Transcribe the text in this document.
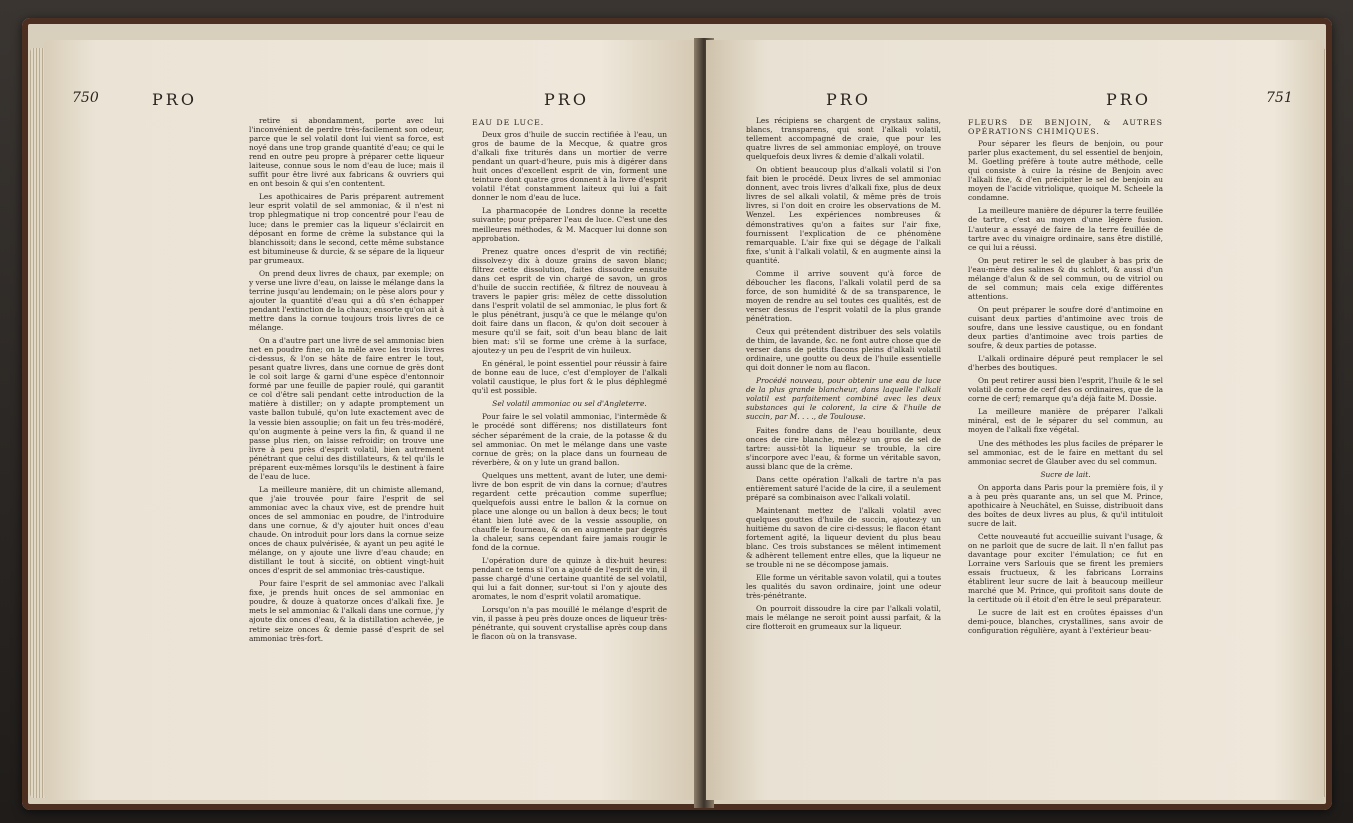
750	PRO	PRO

retire si abondamment, porte avec lui l'inconvénient de perdre très-facilement son odeur, parce que le sel volatil dont lui vient sa force, est noyé dans une trop grande quantité d'eau; ce qui le rend en outre peu propre à préparer cette liqueur laiteuse, connue sous le nom d'eau de luce; mais il suffit pour être livré aux fabricans & ouvriers qui en ont besoin & qui s'en contentent.

Les apothicaires de Paris préparent autrement leur esprit volatil de sel ammoniac, & il n'est ni trop phlegmatique ni trop concentré pour l'eau de luce; dans le premier cas la liqueur s'éclaircit en déposant en forme de crème la substance qui la blanchissoit; dans le second, cette même substance est bitumineuse & durcie, & se sépare de la liqueur par grumeaux.

On prend deux livres de chaux, par exemple; on y verse une livre d'eau, on laisse le mélange dans la terrine jusqu'au lendemain; on le pèse alors pour y ajouter la quantité d'eau qui a dû s'en échapper pendant l'extinction de la chaux; ensorte qu'on ait à mettre dans la cornue toujours trois livres de ce mélange.

On a d'autre part une livre de sel ammoniac bien net en poudre fine; on la mêle avec les trois livres ci-dessus, & l'on se hâte de faire entrer le tout, pesant quatre livres, dans une cornue de grès dont le col soit large & garni d'une espèce d'entonnoir formé par une feuille de papier roulé, qui garantit ce col d'être sali pendant cette introduction de la matière à distiller; on y adapte promptement un vaste ballon tubulé, qu'on lute exactement avec de la vessie bien assouplie; on fait un feu très-modéré, qu'on augmente à peine vers la fin, & quand il ne passe plus rien, on laisse refroidir; on trouve une livre à peu près d'esprit volatil, bien autrement pénétrant que celui des distillateurs, & tel qu'ils le préparent eux-mêmes lorsqu'ils le destinent à faire de l'eau de luce.

La meilleure manière, dit un chimiste allemand, que j'aie trouvée pour faire l'esprit de sel ammoniac avec la chaux vive, est de prendre huit onces de sel ammoniac en poudre, de l'introduire dans une cornue, & d'y ajouter huit onces d'eau chaude. On introduit pour lors dans la cornue seize onces de chaux pulvérisée, & ayant un peu agité le mélange, on y ajoute une livre d'eau chaude; en distillant le tout à siccité, on obtient vingt-huit onces d'esprit de sel ammoniac très-caustique.

Pour faire l'esprit de sel ammoniac avec l'alkali fixe, je prends huit onces de sel ammoniac en poudre, & douze à quatorze onces d'alkali fixe. Je mets le sel ammoniac & l'alkali dans une cornue, j'y ajoute dix onces d'eau, & la distillation achevée, je retire seize onces & demie passé d'esprit de sel ammoniac très-fort.

EAU DE LUCE.

Deux gros d'huile de succin rectifiée à l'eau, un gros de baume de la Mecque, & quatre gros d'alkali fixe triturés dans un mortier de verre pendant un quart-d'heure, puis mis à digérer dans huit onces d'excellent esprit de vin, forment une teinture dont quatre gros donnent à la livre d'esprit volatil l'état constamment laiteux qui lui a fait donner le nom d'eau de luce.

La pharmacopée de Londres donne la recette suivante; pour préparer l'eau de luce. C'est une des meilleures méthodes, & M. Macquer lui donne son approbation.

Prenez quatre onces d'esprit de vin rectifié; dissolvez-y dix à douze grains de savon blanc; filtrez cette dissolution, faites dissoudre ensuite dans cet esprit de vin chargé de savon, un gros d'huile de succin rectifiée, & filtrez de nouveau à travers le papier gris: mêlez de cette dissolution dans l'esprit volatil de sel ammoniac, le plus fort & le plus pénétrant, jusqu'à ce que le mélange qu'on doit faire dans un flacon, & qu'on doit secouer à mesure qu'il se fait, soit d'un beau blanc de lait bien mat: s'il se forme une crème à la surface, ajoutez-y un peu de l'esprit de vin huileux.

En général, le point essentiel pour réussir à faire de bonne eau de luce, c'est d'employer de l'alkali volatil caustique, le plus fort & le plus déphlegmé qu'il est possible.

Sel volatil ammoniac ou sel d'Angleterre.

Pour faire le sel volatil ammoniac, l'intermède & le procédé sont différens; nos distillateurs font sécher séparément de la craie, de la potasse & du sel ammoniac. On met le mélange dans une vaste cornue de grès; on la place dans un fourneau de réverbère, & on y lute un grand ballon.

Quelques uns mettent, avant de luter, une demi-livre de bon esprit de vin dans la cornue; d'autres regardent cette précaution comme superflue; quelquefois aussi entre le ballon & la cornue on place une alonge ou un ballon à deux becs; le tout étant bien luté avec de la vessie assouplie, on chauffe le fourneau, & on en augmente par degrés la chaleur, sans cependant faire jamais rougir le fond de la cornue.

L'opération dure de quinze à dix-huit heures: pendant ce tems si l'on a ajouté de l'esprit de vin, il passe chargé d'une certaine quantité de sel volatil, qui lui a fait donner, sur-tout si l'on y ajoute des aromates, le nom d'esprit volatil aromatique.

Lorsqu'on n'a pas mouillé le mélange d'esprit de vin, il passe à peu près douze onces de liqueur très-pénétrante, qui souvent crystallise après coup dans le flacon où on la transvase.

PRO	PRO	751

Les récipiens se chargent de crystaux salins, blancs, transparens, qui sont l'alkali volatil, tellement accompagné de craie, que pour les quatre livres de sel ammoniac employé, on trouve quelquefois deux livres & demie d'alkali volatil.

On obtient beaucoup plus d'alkali volatil si l'on fait bien le procédé. Deux livres de sel ammoniac donnent, avec trois livres d'alkali fixe, plus de deux livres de sel alkali volatil, & même près de trois livres, si l'on doit en croire les observations de M. Wenzel. Les expériences nombreuses & démonstratives qu'on a faites sur l'air fixe, fournissent l'explication de ce phénomène remarquable. L'air fixe qui se dégage de l'alkali fixe, s'unit à l'alkali volatil, & en augmente ainsi la quantité.

Comme il arrive souvent qu'à force de déboucher les flacons, l'alkali volatil perd de sa force, de son humidité & de sa transparence, le moyen de rendre au sel toutes ces qualités, est de verser dessus de l'esprit volatil de la plus grande pénétration.

Ceux qui prétendent distribuer des sels volatils de thim, de lavande, &c. ne font autre chose que de verser dans de petits flacons pleins d'alkali volatil ordinaire, une goutte ou deux de l'huile essentielle qui doit donner le nom au flacon.

Procédé nouveau, pour obtenir une eau de luce de la plus grande blancheur, dans laquelle l'alkali volatil est parfaitement combiné avec les deux substances qui le colorent, la cire & l'huile de succin, par M. . . ., de Toulouse.

Faites fondre dans de l'eau bouillante, deux onces de cire blanche, mêlez-y un gros de sel de tartre: aussi-tôt la liqueur se trouble, la cire s'incorpore avec l'eau, & forme un véritable savon, aussi blanc que de la crème.

Dans cette opération l'alkali de tartre n'a pas entièrement saturé l'acide de la cire, il a seulement préparé sa combinaison avec l'alkali volatil.

Maintenant mettez de l'alkali volatil avec quelques gouttes d'huile de succin, ajoutez-y un huitième du savon de cire ci-dessus; le flacon étant fortement agité, la liqueur devient du plus beau blanc. Ces trois substances se mêlent intimement & adhèrent tellement entre elles, que la liqueur ne se trouble ni ne se décompose jamais.

Elle forme un véritable savon volatil, qui a toutes les qualités du savon ordinaire, joint une odeur très-pénétrante.

On pourroit dissoudre la cire par l'alkali volatil, mais le mélange ne seroit point aussi parfait, & la cire flotteroit en grumeaux sur la liqueur.

FLEURS DE BENJOIN, & AUTRES OPÉRATIONS CHIMIQUES.

Pour séparer les fleurs de benjoin, ou pour parler plus exactement, du sel essentiel de benjoin, M. Goetling préfère à toute autre méthode, celle qui consiste à cuire la résine de Benjoin avec l'alkali fixe, & d'en précipiter le sel de benjoin au moyen de l'acide vitriolique, quoique M. Scheele la condamne.

La meilleure manière de dépurer la terre feuillée de tartre, c'est au moyen d'une légère fusion. L'auteur a essayé de faire de la terre feuillée de tartre avec du vinaigre ordinaire, sans être distillé, ce qui lui a réussi.

On peut retirer le sel de glauber à bas prix de l'eau-mère des salines & du schlott, & aussi d'un mélange d'alun & de sel commun, ou de vitriol ou de sel commun; mais cela exige différentes attentions.

On peut préparer le soufre doré d'antimoine en cuisant deux parties d'antimoine avec trois de soufre, dans une lessive caustique, ou en fondant deux parties d'antimoine avec trois parties de soufre, & deux parties de potasse.

L'alkali ordinaire dépuré peut remplacer le sel d'herbes des boutiques.

On peut retirer aussi bien l'esprit, l'huile & le sel volatil de corne de cerf des os ordinaires, que de la corne de cerf; remarque qu'a déjà faite M. Dossie.

La meilleure manière de préparer l'alkali minéral, est de le séparer du sel commun, au moyen de l'alkali fixe végétal.

Une des méthodes les plus faciles de préparer le sel ammoniac, est de le faire en mettant du sel ammoniac secret de Glauber avec du sel commun.

Sucre de lait.

On apporta dans Paris pour la première fois, il y a à peu près quarante ans, un sel que M. Prince, apothicaire à Neuchâtel, en Suisse, distribuoit dans des boîtes de deux livres au plus, & qu'il intituloit sucre de lait.

Cette nouveauté fut accueillie suivant l'usage, & on ne parloit que de sucre de lait. Il n'en fallut pas davantage pour exciter l'émulation; ce fut en Lorraine vers Sarlouis que se firent les premiers essais fructueux, & les fabricans Lorrains établirent leur sucre de lait à beaucoup meilleur marché que M. Prince, qui profitoit sans doute de la certitude où il étoit d'en être le seul préparateur.

Le sucre de lait est en croûtes épaisses d'un demi-pouce, blanches, crystallines, sans avoir de configuration régulière, ayant à l'extérieur beau-
